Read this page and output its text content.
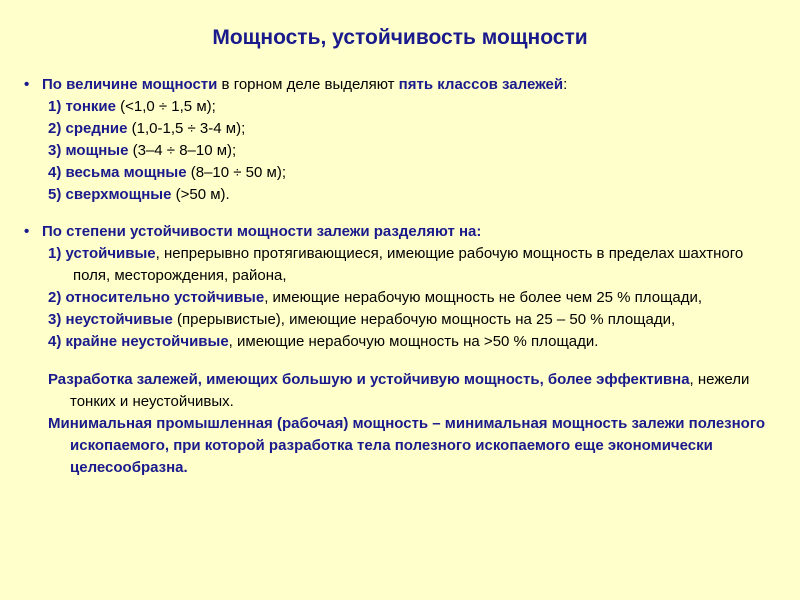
Мощность, устойчивость мощности
• По величине мощности в горном деле выделяют пять классов залежей:
1) тонкие (<1,0 ÷ 1,5 м);
2) средние (1,0-1,5 ÷ 3-4 м);
3) мощные (3–4 ÷ 8–10 м);
4) весьма мощные (8–10 ÷ 50 м);
5) сверхмощные (>50 м).
• По степени устойчивости мощности залежи разделяют на:
1) устойчивые, непрерывно протягивающиеся, имеющие рабочую мощность в пределах шахтного поля, месторождения, района,
2) относительно устойчивые, имеющие нерабочую мощность не более чем 25 % площади,
3) неустойчивые (прерывистые), имеющие нерабочую мощность на 25 – 50 % площади,
4) крайне неустойчивые, имеющие нерабочую мощность на >50 % площади.
Разработка залежей, имеющих большую и устойчивую мощность, более эффективна, нежели тонких и неустойчивых.
Минимальная промышленная (рабочая) мощность – минимальная мощность залежи полезного ископаемого, при которой разработка тела полезного ископаемого еще экономически целесообразна.
